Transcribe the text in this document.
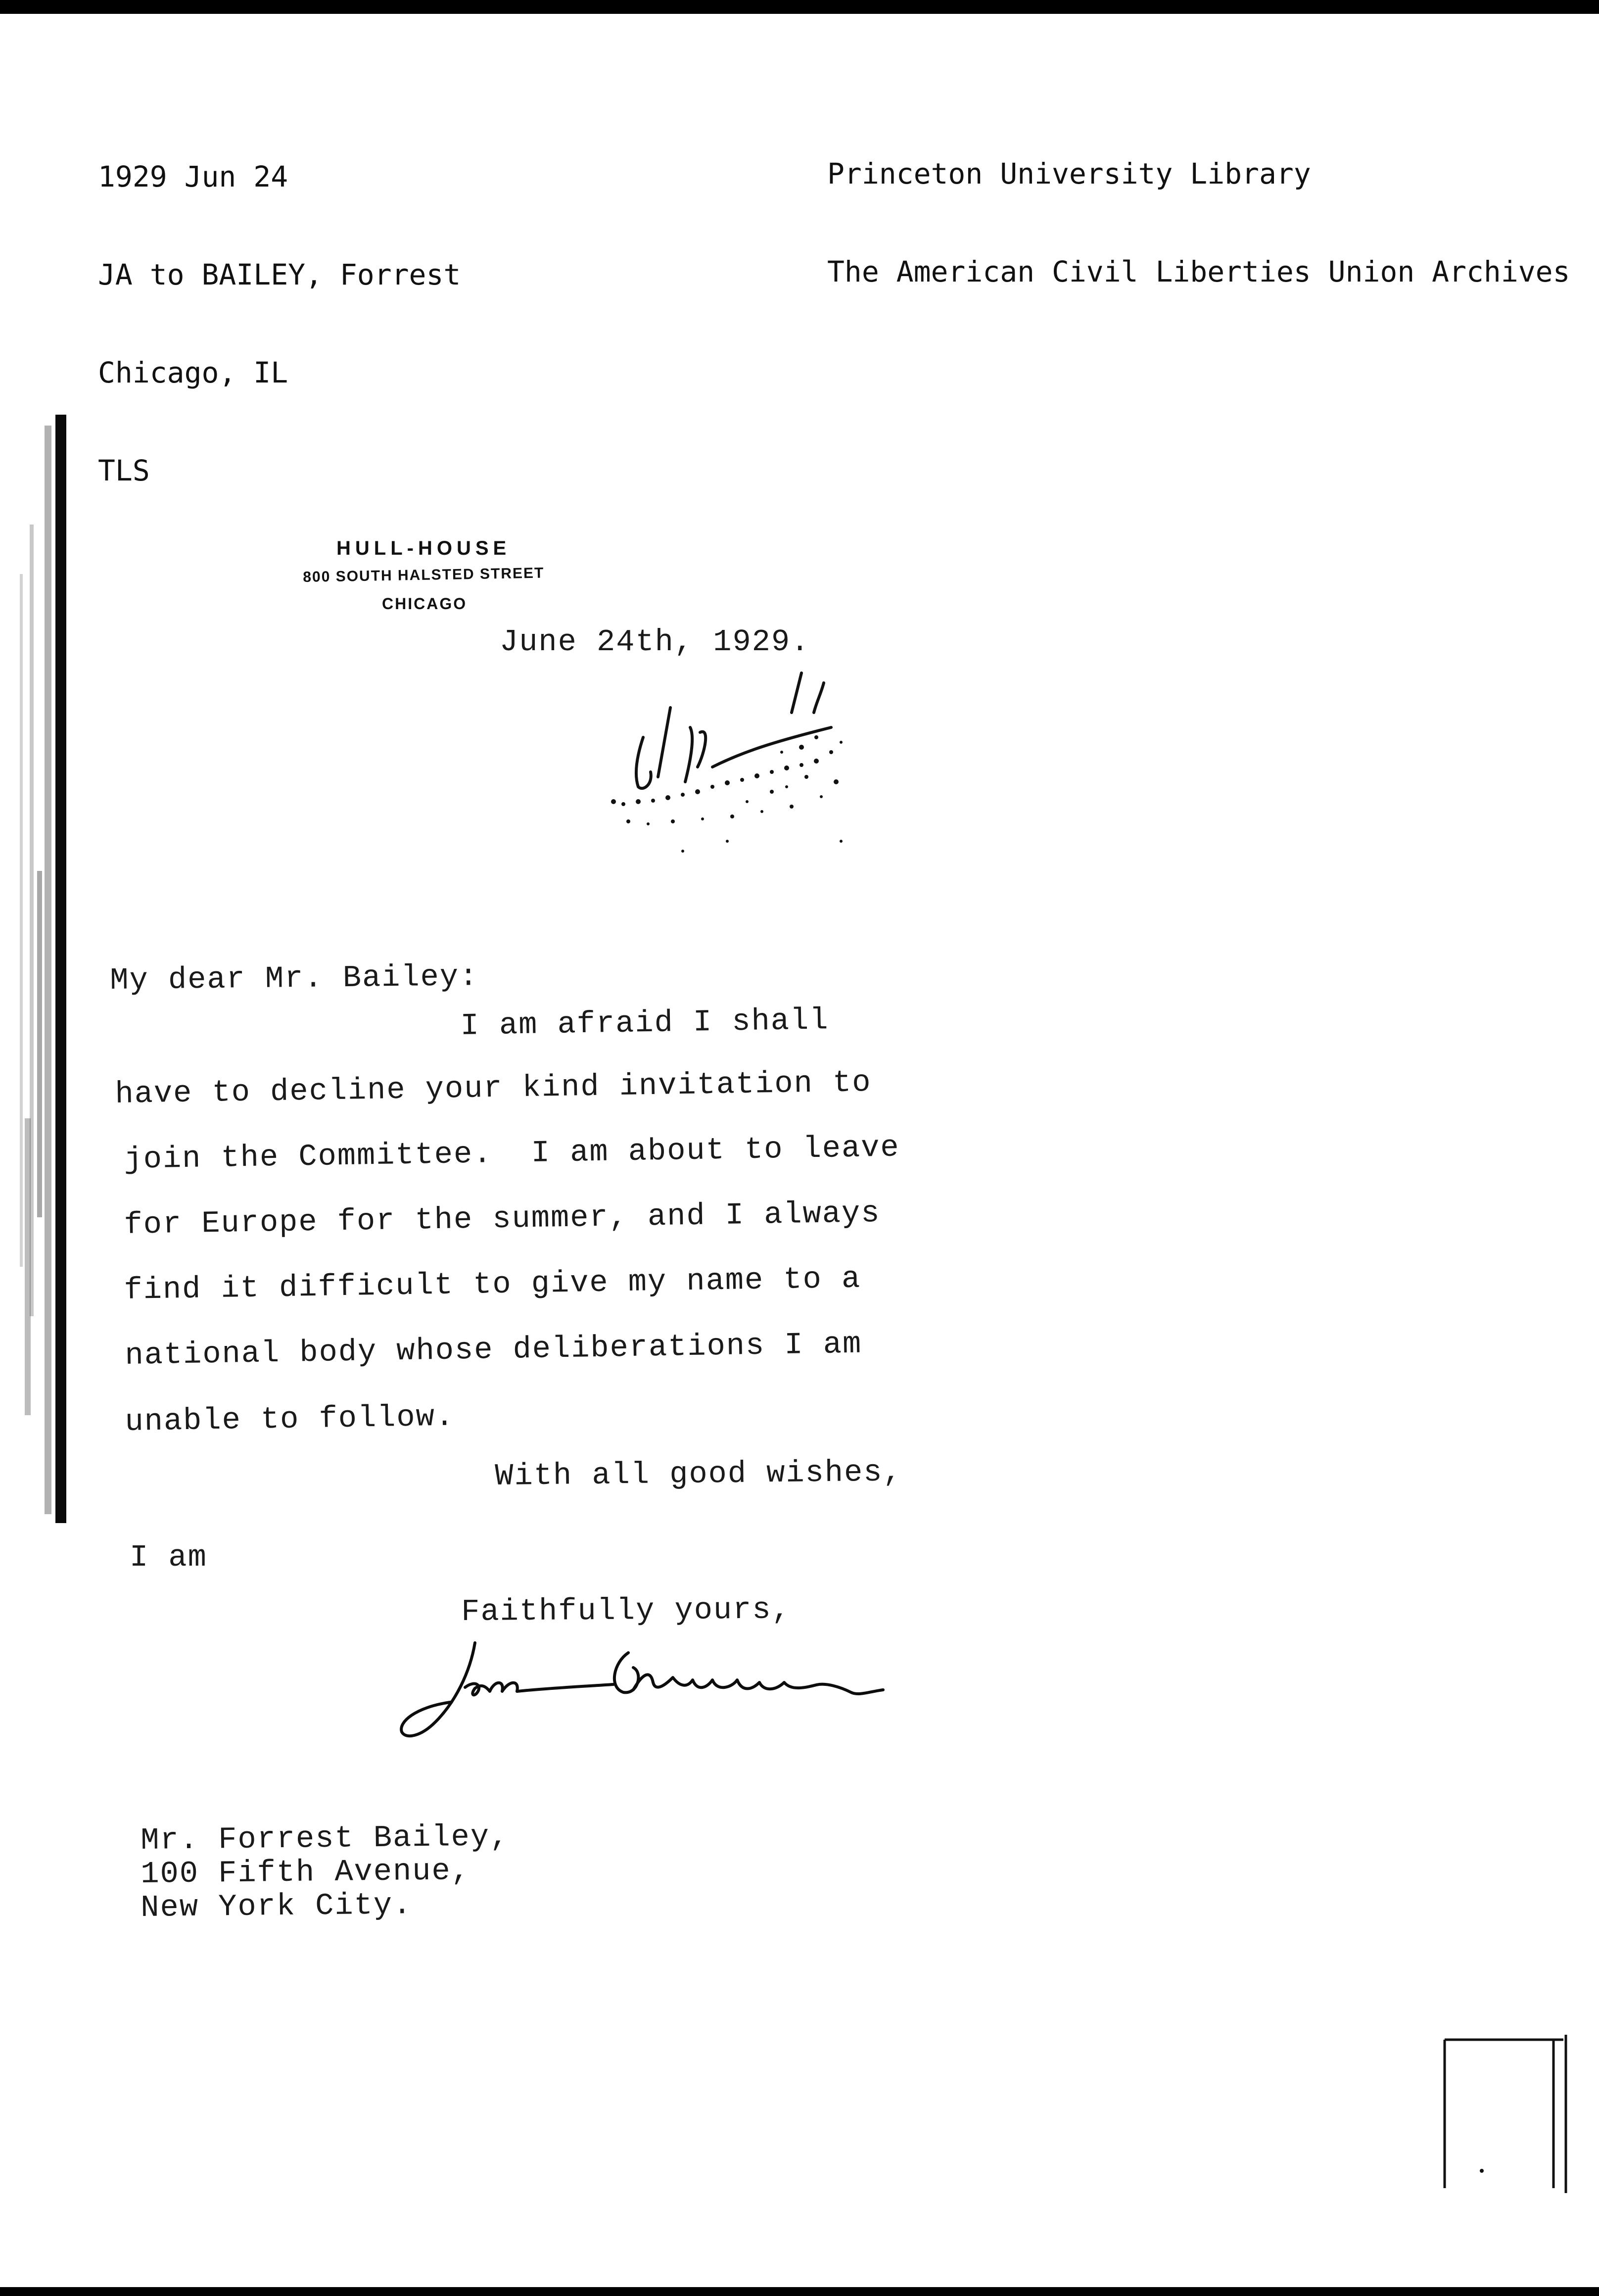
1929 Jun 24

JA to BAILEY, Forrest

Chicago, IL

TLS

Princeton University Library

The American Civil Liberties Union Archives

HULL-HOUSE
800 SOUTH HALSTED STREET
CHICAGO
June 24th, 1929.
My dear Mr. Bailey:
I am afraid I shall
have to decline your kind invitation to
join the Committee.  I am about to leave
for Europe for the summer, and I always
find it difficult to give my name to a
national body whose deliberations I am
unable to follow.
With all good wishes,
I am
Faithfully yours,
Mr. Forrest Bailey,
100 Fifth Avenue,
New York City.
